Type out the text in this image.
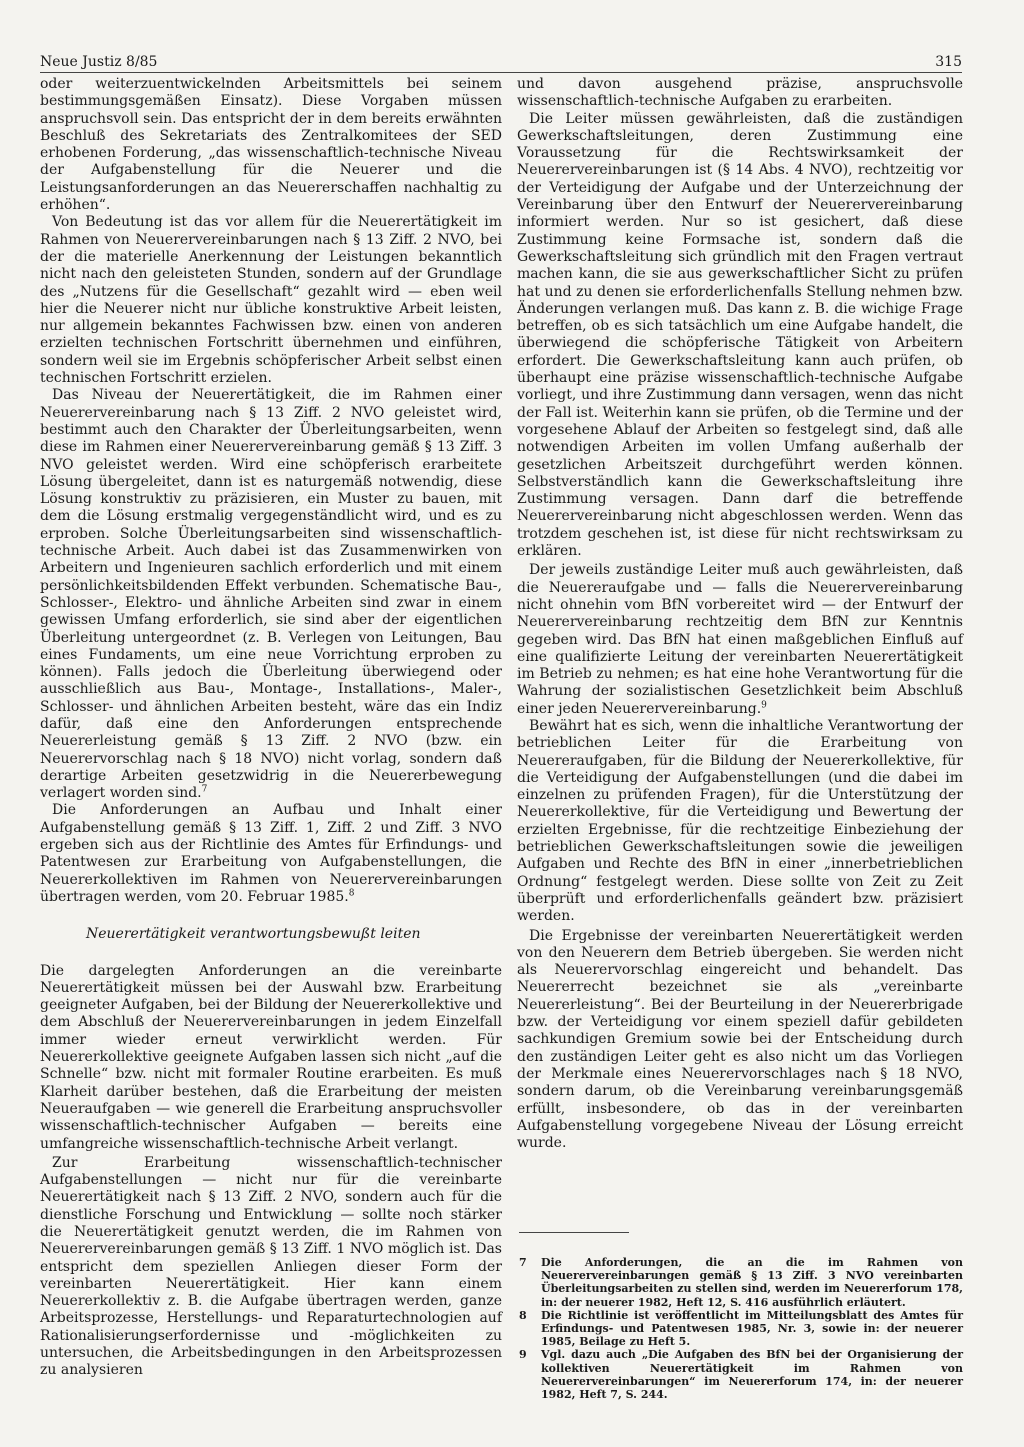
Neue Justiz 8/85	315

oder weiterzuentwickelnden Arbeitsmittels bei seinem bestimmungsgemäßen Einsatz). Diese Vorgaben müssen anspruchsvoll sein. Das entspricht der in dem bereits erwähnten Beschluß des Sekretariats des Zentralkomitees der SED erhobenen Forderung, „das wissenschaftlich-technische Niveau der Aufgabenstellung für die Neuerer und die Leistungsanforderungen an das Neuererschaffen nachhaltig zu erhöhen“.

Von Bedeutung ist das vor allem für die Neuerertätigkeit im Rahmen von Neuerervereinbarungen nach § 13 Ziff. 2 NVO, bei der die materielle Anerkennung der Leistungen bekanntlich nicht nach den geleisteten Stunden, sondern auf der Grundlage des „Nutzens für die Gesellschaft“ gezahlt wird — eben weil hier die Neuerer nicht nur übliche konstruktive Arbeit leisten, nur allgemein bekanntes Fachwissen bzw. einen von anderen erzielten technischen Fortschritt übernehmen und einführen, sondern weil sie im Ergebnis schöpferischer Arbeit selbst einen technischen Fortschritt erzielen.

Das Niveau der Neuerertätigkeit, die im Rahmen einer Neuerervereinbarung nach § 13 Ziff. 2 NVO geleistet wird, bestimmt auch den Charakter der Überleitungsarbeiten, wenn diese im Rahmen einer Neuerervereinbarung gemäß § 13 Ziff. 3 NVO geleistet werden. Wird eine schöpferisch erarbeitete Lösung übergeleitet, dann ist es naturgemäß notwendig, diese Lösung konstruktiv zu präzisieren, ein Muster zu bauen, mit dem die Lösung erstmalig vergegenständlicht wird, und es zu erproben. Solche Überleitungsarbeiten sind wissenschaftlich-technische Arbeit. Auch dabei ist das Zusammenwirken von Arbeitern und Ingenieuren sachlich erforderlich und mit einem persönlichkeitsbildenden Effekt verbunden. Schematische Bau-, Schlosser-, Elektro- und ähnliche Arbeiten sind zwar in einem gewissen Umfang erforderlich, sie sind aber der eigentlichen Überleitung untergeordnet (z. B. Verlegen von Leitungen, Bau eines Fundaments, um eine neue Vorrichtung erproben zu können). Falls jedoch die Überleitung überwiegend oder ausschließlich aus Bau-, Montage-, Installations-, Maler-, Schlosser- und ähnlichen Arbeiten besteht, wäre das ein Indiz dafür, daß eine den Anforderungen entsprechende Neuererleistung gemäß § 13 Ziff. 2 NVO (bzw. ein Neuerervorschlag nach § 18 NVO) nicht vorlag, sondern daß derartige Arbeiten gesetzwidrig in die Neuererbewegung verlagert worden sind.$^7$

Die Anforderungen an Aufbau und Inhalt einer Aufgabenstellung gemäß § 13 Ziff. 1, Ziff. 2 und Ziff. 3 NVO ergeben sich aus der Richtlinie des Amtes für Erfindungs- und Patentwesen zur Erarbeitung von Aufgabenstellungen, die Neuererkollektiven im Rahmen von Neuerervereinbarungen übertragen werden, vom 20. Februar 1985.$^8$

Neuerertätigkeit verantwortungsbewußt leiten

Die dargelegten Anforderungen an die vereinbarte Neuerertätigkeit müssen bei der Auswahl bzw. Erarbeitung geeigneter Aufgaben, bei der Bildung der Neuererkollektive und dem Abschluß der Neuerervereinbarungen in jedem Einzelfall immer wieder erneut verwirklicht werden. Für Neuererkollektive geeignete Aufgaben lassen sich nicht „auf die Schnelle“ bzw. nicht mit formaler Routine erarbeiten. Es muß Klarheit darüber bestehen, daß die Erarbeitung der meisten Neueraufgaben — wie generell die Erarbeitung anspruchsvoller wissenschaftlich-technischer Aufgaben — bereits eine umfangreiche wissenschaftlich-technische Arbeit verlangt.

Zur Erarbeitung wissenschaftlich-technischer Aufgabenstellungen — nicht nur für die vereinbarte Neuerertätigkeit nach § 13 Ziff. 2 NVO, sondern auch für die dienstliche Forschung und Entwicklung — sollte noch stärker die Neuerertätigkeit genutzt werden, die im Rahmen von Neuerervereinbarungen gemäß § 13 Ziff. 1 NVO möglich ist. Das entspricht dem speziellen Anliegen dieser Form der vereinbarten Neuerertätigkeit. Hier kann einem Neuererkollektiv z. B. die Aufgabe übertragen werden, ganze Arbeitsprozesse, Herstellungs- und Reparaturtechnologien auf Rationalisierungserfordernisse und -möglichkeiten zu untersuchen, die Arbeitsbedingungen in den Arbeitsprozessen zu analysieren

und davon ausgehend präzise, anspruchsvolle wissenschaftlich-technische Aufgaben zu erarbeiten.

Die Leiter müssen gewährleisten, daß die zuständigen Gewerkschaftsleitungen, deren Zustimmung eine Voraussetzung für die Rechtswirksamkeit der Neuerervereinbarungen ist (§ 14 Abs. 4 NVO), rechtzeitig vor der Verteidigung der Aufgabe und der Unterzeichnung der Vereinbarung über den Entwurf der Neuerervereinbarung informiert werden. Nur so ist gesichert, daß diese Zustimmung keine Formsache ist, sondern daß die Gewerkschaftsleitung sich gründlich mit den Fragen vertraut machen kann, die sie aus gewerkschaftlicher Sicht zu prüfen hat und zu denen sie erforderlichenfalls Stellung nehmen bzw. Änderungen verlangen muß. Das kann z. B. die wichige Frage betreffen, ob es sich tatsächlich um eine Aufgabe handelt, die überwiegend die schöpferische Tätigkeit von Arbeitern erfordert. Die Gewerkschaftsleitung kann auch prüfen, ob überhaupt eine präzise wissenschaftlich-technische Aufgabe vorliegt, und ihre Zustimmung dann versagen, wenn das nicht der Fall ist. Weiterhin kann sie prüfen, ob die Termine und der vorgesehene Ablauf der Arbeiten so festgelegt sind, daß alle notwendigen Arbeiten im vollen Umfang außerhalb der gesetzlichen Arbeitszeit durchgeführt werden können. Selbstverständlich kann die Gewerkschaftsleitung ihre Zustimmung versagen. Dann darf die betreffende Neuerervereinbarung nicht abgeschlossen werden. Wenn das trotzdem geschehen ist, ist diese für nicht rechtswirksam zu erklären.

Der jeweils zuständige Leiter muß auch gewährleisten, daß die Neuereraufgabe und — falls die Neuerervereinbarung nicht ohnehin vom BfN vorbereitet wird — der Entwurf der Neuerervereinbarung rechtzeitig dem BfN zur Kenntnis gegeben wird. Das BfN hat einen maßgeblichen Einfluß auf eine qualifizierte Leitung der vereinbarten Neuerertätigkeit im Betrieb zu nehmen; es hat eine hohe Verantwortung für die Wahrung der sozialistischen Gesetzlichkeit beim Abschluß einer jeden Neuerervereinbarung.$^9$

Bewährt hat es sich, wenn die inhaltliche Verantwortung der betrieblichen Leiter für die Erarbeitung von Neuereraufgaben, für die Bildung der Neuererkollektive, für die Verteidigung der Aufgabenstellungen (und die dabei im einzelnen zu prüfenden Fragen), für die Unterstützung der Neuererkollektive, für die Verteidigung und Bewertung der erzielten Ergebnisse, für die rechtzeitige Einbeziehung der betrieblichen Gewerkschaftsleitungen sowie die jeweiligen Aufgaben und Rechte des BfN in einer „innerbetrieblichen Ordnung“ festgelegt werden. Diese sollte von Zeit zu Zeit überprüft und erforderlichenfalls geändert bzw. präzisiert werden.

Die Ergebnisse der vereinbarten Neuerertätigkeit werden von den Neuerern dem Betrieb übergeben. Sie werden nicht als Neuerervorschlag eingereicht und behandelt. Das Neuererrecht bezeichnet sie als „vereinbarte Neuererleistung“. Bei der Beurteilung in der Neuererbrigade bzw. der Verteidigung vor einem speziell dafür gebildeten sachkundigen Gremium sowie bei der Entscheidung durch den zuständigen Leiter geht es also nicht um das Vorliegen der Merkmale eines Neuerervorschlages nach § 18 NVO, sondern darum, ob die Vereinbarung vereinbarungsgemäß erfüllt, insbesondere, ob das in der vereinbarten Aufgabenstellung vorgegebene Niveau der Lösung erreicht wurde.

7	Die Anforderungen, die an die im Rahmen von Neuerervereinbarungen gemäß § 13 Ziff. 3 NVO vereinbarten Überleitungsarbeiten zu stellen sind, werden im Neuererforum 178, in: der neuerer 1982, Heft 12, S. 416 ausführlich erläutert.
8	Die Richtlinie ist veröffentlicht im Mitteilungsblatt des Amtes für Erfindungs- und Patentwesen 1985, Nr. 3, sowie in: der neuerer 1985, Beilage zu Heft 5.
9	Vgl. dazu auch „Die Aufgaben des BfN bei der Organisierung der kollektiven Neuerertätigkeit im Rahmen von Neuerervereinbarungen“ im Neuererforum 174, in: der neuerer 1982, Heft 7, S. 244.
